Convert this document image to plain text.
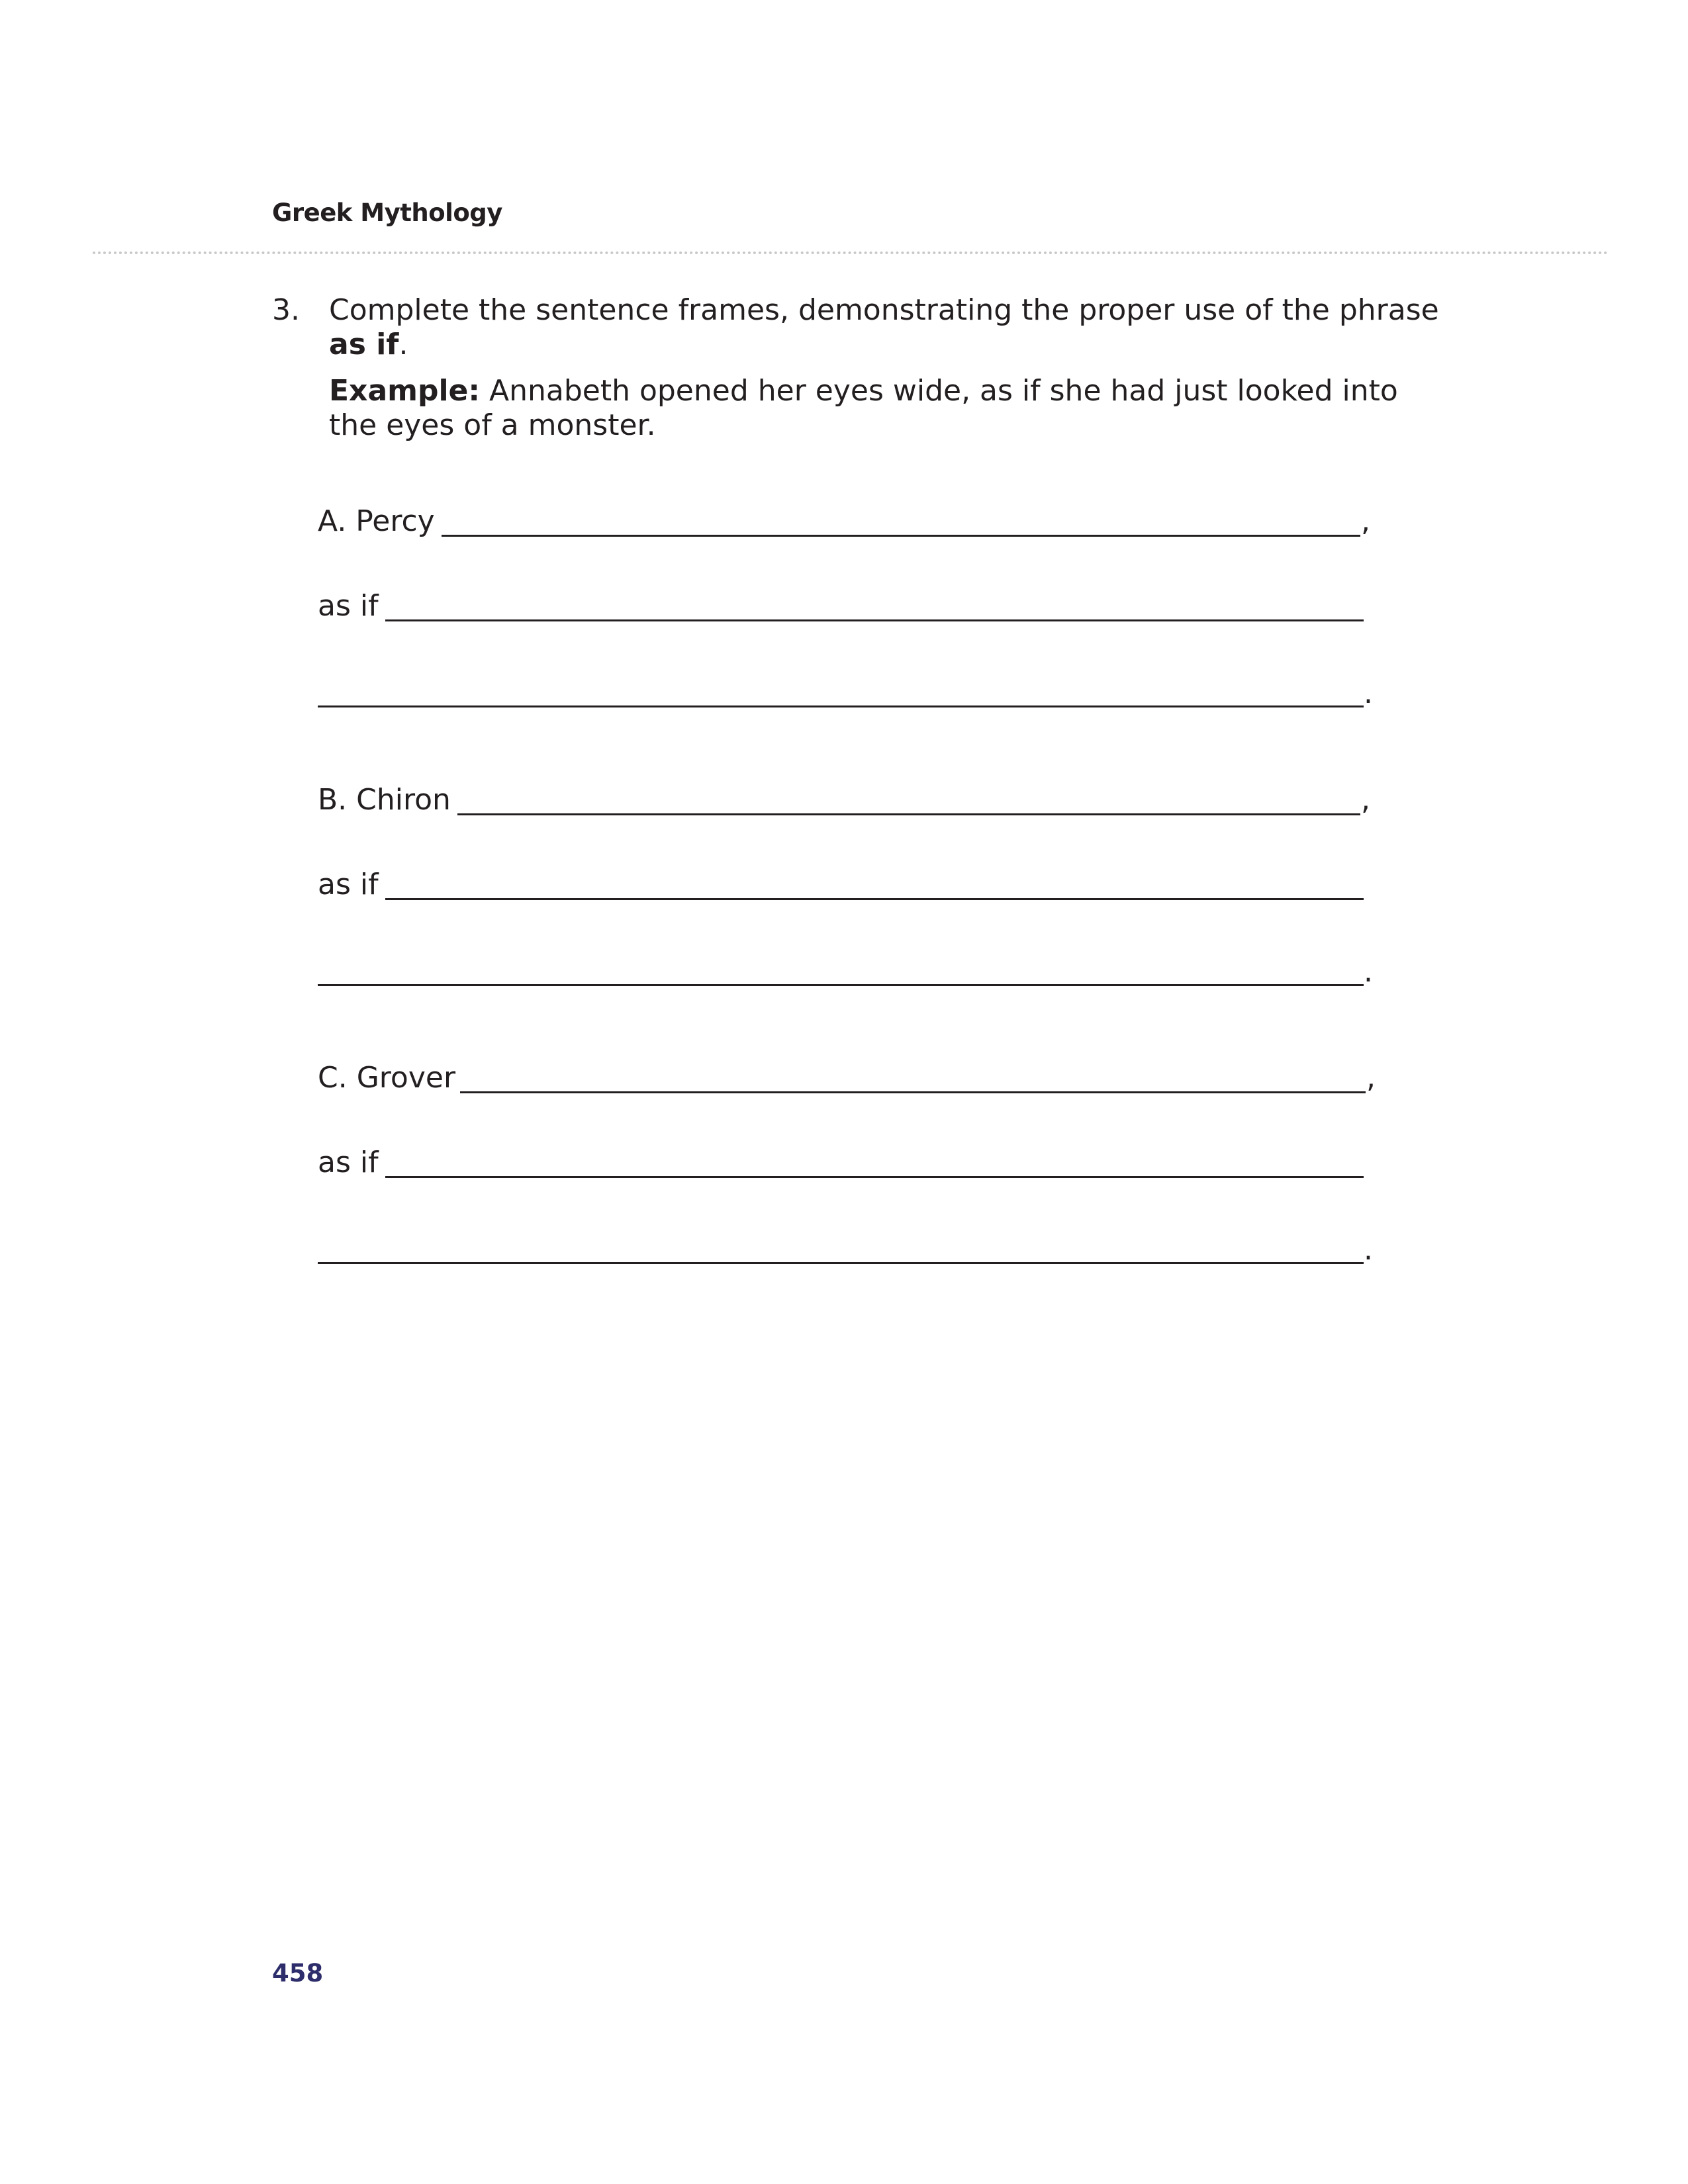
Greek Mythology
3. Complete the sentence frames, demonstrating the proper use of the phrase
as if.
Example: Annabeth opened her eyes wide, as if she had just looked into the eyes of a monster.
A. Percy	,
as if
.
B. Chiron	,
as if
.
C. Grover	,
as if
.
458
